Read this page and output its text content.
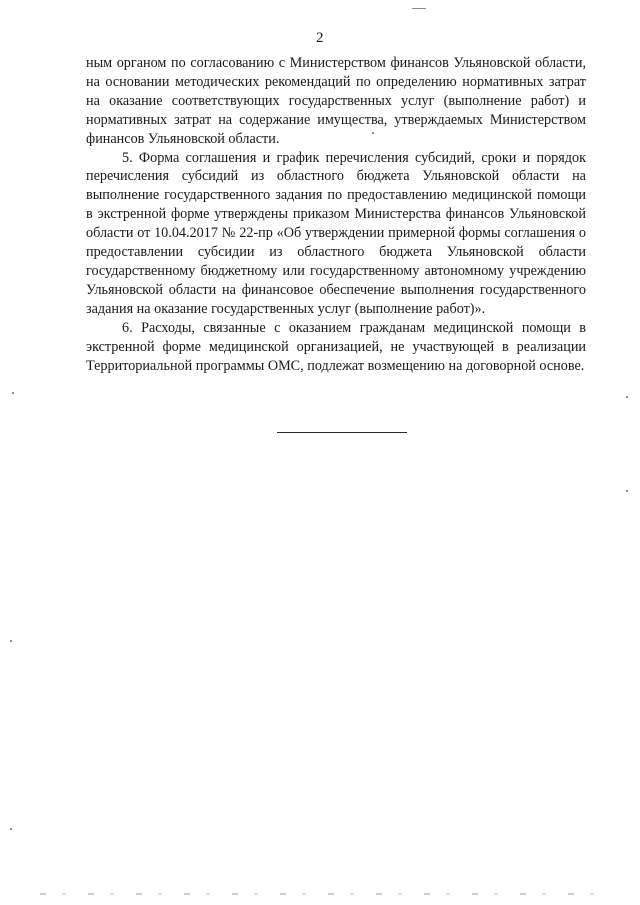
2

ным органом по согласованию с Министерством финансов Ульяновской области, на основании методических рекомендаций по определению нормативных затрат на оказание соответствующих государственных услуг (выполнение работ) и нормативных затрат на содержание имущества, утверждаемых Министерством финансов Ульяновской области.

5. Форма соглашения и график перечисления субсидий, сроки и порядок перечисления субсидий из областного бюджета Ульяновской области на выполнение государственного задания по предоставлению медицинской помощи в экстренной форме утверждены приказом Министерства финансов Ульяновской области от 10.04.2017 № 22-пр «Об утверждении примерной формы соглашения о предоставлении субсидии из областного бюджета Ульяновской области государственному бюджетному или государственному автономному учреждению Ульяновской области на финансовое обеспечение выполнения государственного задания на оказание государственных услуг (выполнение работ)».

6. Расходы, связанные с оказанием гражданам медицинской помощи в экстренной форме медицинской организацией, не участвующей в реализации Территориальной программы ОМС, подлежат возмещению на договорной основе.
